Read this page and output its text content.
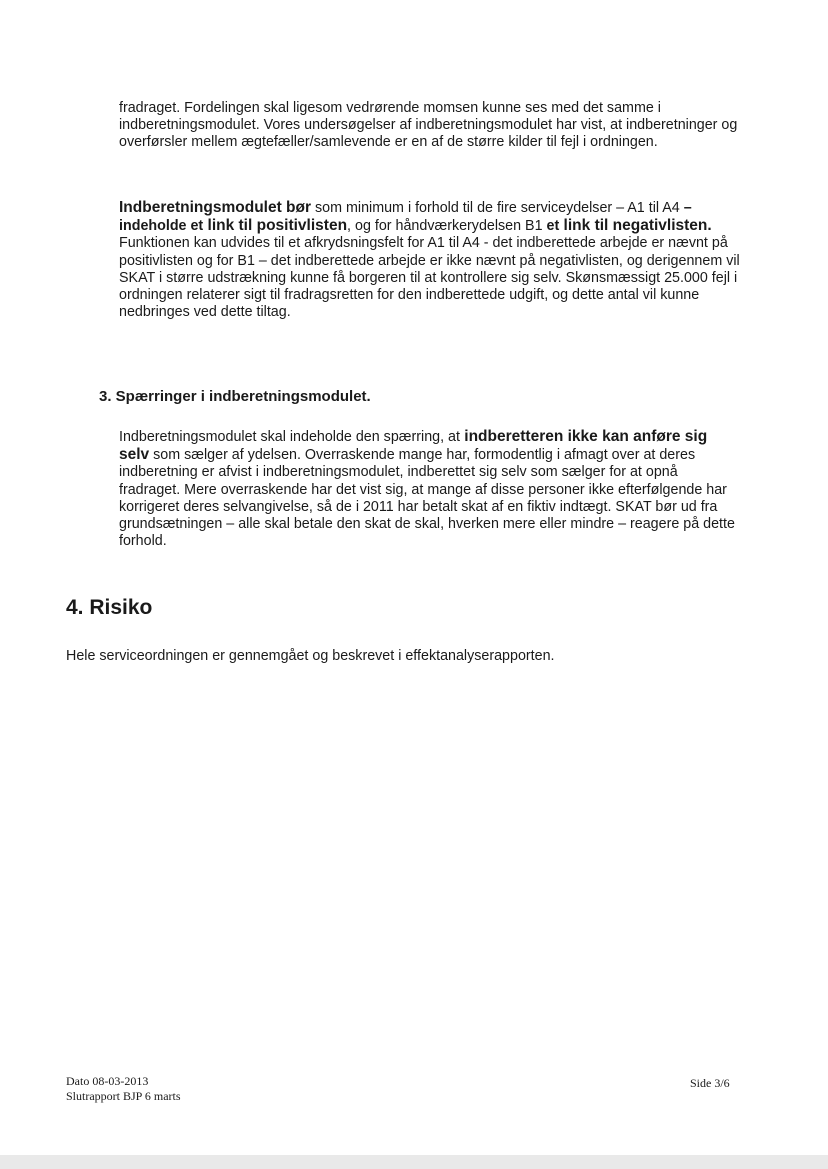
fradraget. Fordelingen skal ligesom vedrørende momsen kunne ses med det samme i indberetningsmodulet. Vores undersøgelser af indberetningsmodulet har vist, at indberetninger og overførsler mellem ægtefæller/samlevende er en af de større kilder til fejl i ordningen.

Indberetningsmodulet bør som minimum i forhold til de fire serviceydelser – A1 til A4 – indeholde et link til positivlisten, og for håndværkerydelsen B1 et link til negativlisten. Funktionen kan udvides til et afkrydsningsfelt for A1 til A4 - det indberettede arbejde er nævnt på positivlisten og for B1 – det indberettede arbejde er ikke nævnt på negativlisten, og derigennem vil SKAT i større udstrækning kunne få borgeren til at kontrollere sig selv. Skønsmæssigt 25.000 fejl i ordningen relaterer sigt til fradragsretten for den indberettede udgift, og dette antal vil kunne nedbringes ved dette tiltag.

3. Spærringer i indberetningsmodulet.

Indberetningsmodulet skal indeholde den spærring, at indberetteren ikke kan anføre sig selv som sælger af ydelsen. Overraskende mange har, formodentlig i afmagt over at deres indberetning er afvist i indberetningsmodulet, indberettet sig selv som sælger for at opnå fradraget. Mere overraskende har det vist sig, at mange af disse personer ikke efterfølgende har korrigeret deres selvangivelse, så de i 2011 har betalt skat af en fiktiv indtægt. SKAT bør ud fra grundsætningen – alle skal betale den skat de skal, hverken mere eller mindre – reagere på dette forhold.

4. Risiko

Hele serviceordningen er gennemgået og beskrevet i effektanalyserapporten.

Dato 08-03-2013
Slutrapport BJP 6 marts
Side 3/6
